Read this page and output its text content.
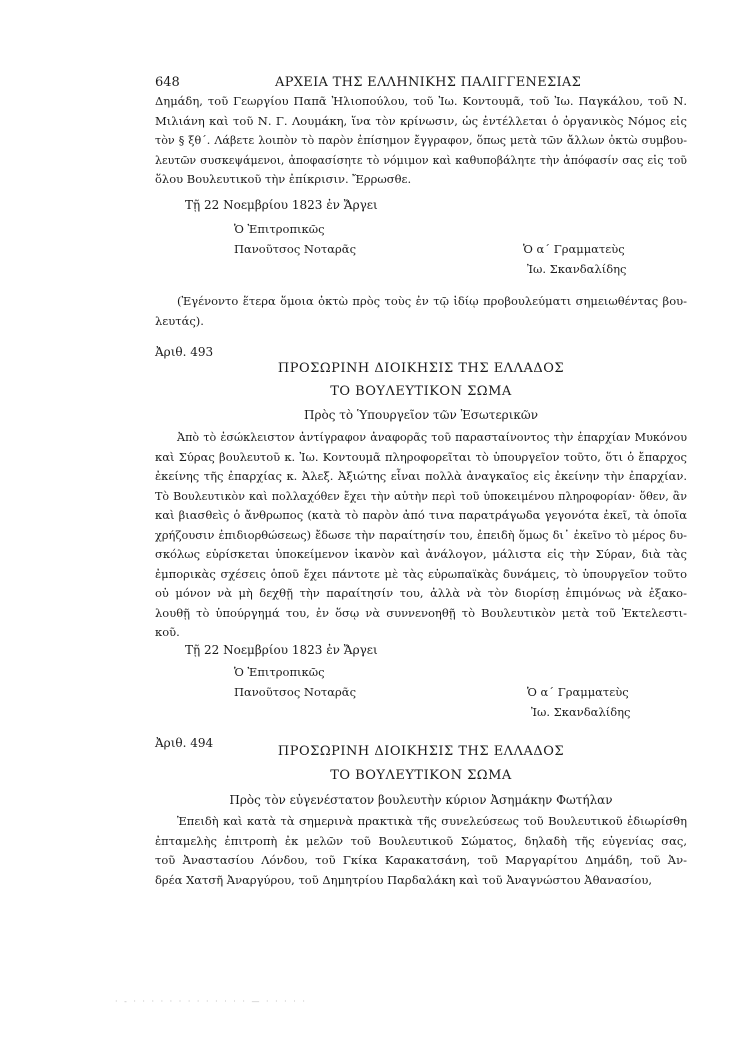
648	ΑΡΧΕΙΑ ΤΗΣ ΕΛΛΗΝΙΚΗΣ ΠΑΛΙΓΓΕΝΕΣΙΑΣ
Δημάδη, τοῦ Γεωργίου Παπᾶ Ἠλιοπούλου, τοῦ Ἰω. Κοντουμᾶ, τοῦ Ἰω. Παγκάλου, τοῦ Ν.
Μιλιάνη καὶ τοῦ Ν. Γ. Λουμάκη, ἵνα τὸν κρίνωσιν, ὡς ἐντέλλεται ὁ ὀργανικὸς Νόμος εἰς
τὸν § ξθ΄. Λάβετε λοιπὸν τὸ παρὸν ἐπίσημον ἔγγραφον, ὅπως μετὰ τῶν ἄλλων ὀκτὼ συμβου-
λευτῶν συσκεψάμενοι, ἀποφασίσητε τὸ νόμιμον καὶ καθυποβάλητε τὴν ἀπόφασίν σας εἰς τοῦ
ὅλου Βουλευτικοῦ τὴν ἐπίκρισιν. Ἔρρωσθε.
Τῇ 22 Νοεμβρίου 1823 ἐν Ἄργει
Ὁ Ἐπιτροπικῶς
Πανοῦτσος Νοταρᾶς	Ὁ α΄ Γραμματεὺς
Ἰω. Σκανδαλίδης
(Ἐγένοντο ἕτερα ὅμοια ὀκτὼ πρὸς τοὺς ἐν τῷ ἰδίῳ προβουλεύματι σημειωθέντας βου-
λευτάς).
Ἀριθ. 493
ΠΡΟΣΩΡΙΝΗ ΔΙΟΙΚΗΣΙΣ ΤΗΣ ΕΛΛΑΔΟΣ
ΤΟ ΒΟΥΛΕΥΤΙΚΟΝ ΣΩΜΑ
Πρὸς τὸ Ὑπουργεῖον τῶν Ἐσωτερικῶν
Ἀπὸ τὸ ἐσώκλειστον ἀντίγραφον ἀναφορᾶς τοῦ παρασταίνοντος τὴν ἐπαρχίαν Μυκόνου
καὶ Σύρας βουλευτοῦ κ. Ἰω. Κοντουμᾶ πληροφορεῖται τὸ ὑπουργεῖον τοῦτο, ὅτι ὁ ἔπαρχος
ἐκείνης τῆς ἐπαρχίας κ. Ἀλεξ. Ἀξιώτης εἶναι πολλὰ ἀναγκαῖος εἰς ἐκείνην τὴν ἐπαρχίαν.
Τὸ Βουλευτικὸν καὶ πολλαχόθεν ἔχει τὴν αὐτὴν περὶ τοῦ ὑποκειμένου πληροφορίαν· ὅθεν, ἂν
καὶ βιασθεὶς ὁ ἄνθρωπος (κατὰ τὸ παρὸν ἀπό τινα παρατράγωδα γεγονότα ἐκεῖ, τὰ ὁποῖα
χρήζουσιν ἐπιδιορθώσεως) ἔδωσε τὴν παραίτησίν του, ἐπειδὴ ὅμως δι᾽ ἐκεῖνο τὸ μέρος δυ-
σκόλως εὑρίσκεται ὑποκείμενον ἱκανὸν καὶ ἀνάλογον, μάλιστα εἰς τὴν Σύραν, διὰ τὰς
ἐμπορικὰς σχέσεις ὁποῦ ἔχει πάντοτε μὲ τὰς εὐρωπαϊκὰς δυνάμεις, τὸ ὑπουργεῖον τοῦτο
οὐ μόνον νὰ μὴ δεχθῇ τὴν παραίτησίν του, ἀλλὰ νὰ τὸν διορίσῃ ἐπιμόνως νὰ ἐξακο-
λουθῇ τὸ ὑπούργημά του, ἐν ὅσῳ νὰ συννενοηθῇ τὸ Βουλευτικὸν μετὰ τοῦ Ἐκτελεστι-
κοῦ.
Τῇ 22 Νοεμβρίου 1823 ἐν Ἄργει
Ὁ Ἐπιτροπικῶς
Πανοῦτσος Νοταρᾶς	Ὁ α΄ Γραμματεὺς
Ἰω. Σκανδαλίδης
Ἀριθ. 494
ΠΡΟΣΩΡΙΝΗ ΔΙΟΙΚΗΣΙΣ ΤΗΣ ΕΛΛΑΔΟΣ
ΤΟ ΒΟΥΛΕΥΤΙΚΟΝ ΣΩΜΑ
Πρὸς τὸν εὐγενέστατον βουλευτὴν κύριον Ἀσημάκην Φωτήλαν
Ἐπειδὴ καὶ κατὰ τὰ σημερινὰ πρακτικὰ τῆς συνελεύσεως τοῦ Βουλευτικοῦ ἐδιωρίσθη
ἐπταμελὴς ἐπιτροπὴ ἐκ μελῶν τοῦ Βουλευτικοῦ Σώματος, δηλαδὴ τῆς εὐγενίας σας,
τοῦ Ἀναστασίου Λόνδου, τοῦ Γκίκα Καρακατσάνη, τοῦ Μαργαρίτου Δημάδη, τοῦ Ἀν-
δρέα Χατσῆ Ἀναργύρου, τοῦ Δημητρίου Παρδαλάκη καὶ τοῦ Ἀναγνώστου Ἀθανασίου,
· - · · · · · · · · · · · · · — · · · · ·
